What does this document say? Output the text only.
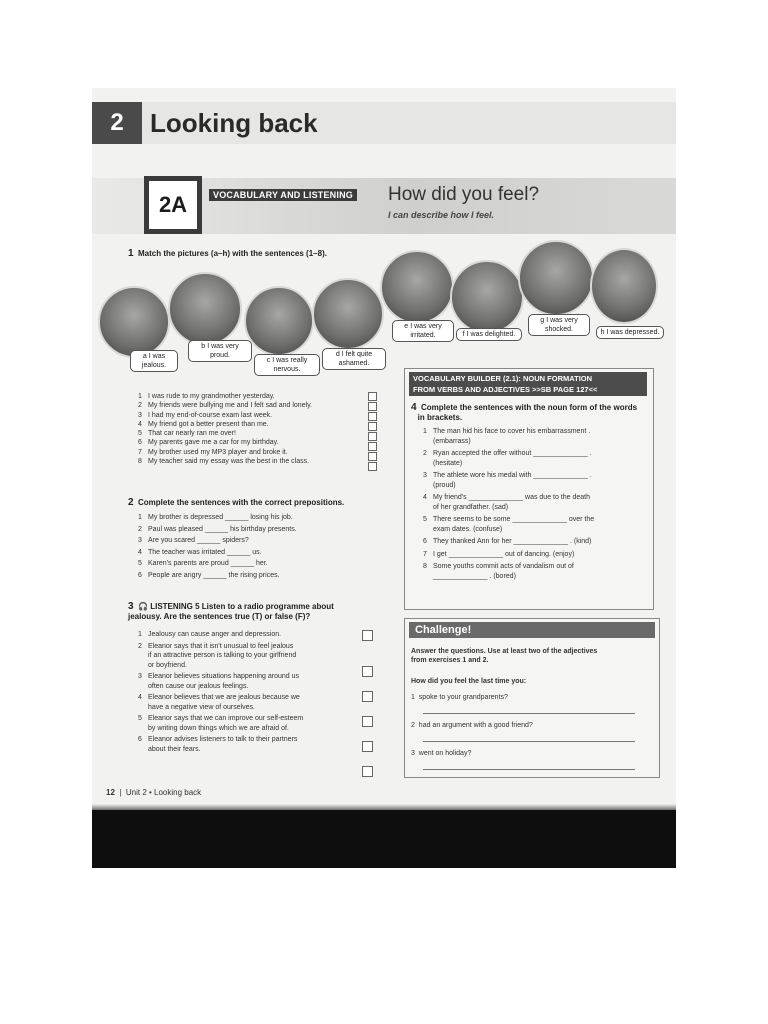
2	Looking back
2A	VOCABULARY AND LISTENING How did you feel?
I can describe how I feel.
1 Match the pictures (a–h) with the sentences (1–8).
a I was jealous.
b I was very proud.
c I was really nervous.
d I felt quite ashamed.
e I was very irritated.	f I was delighted.
g I was very shocked.	h I was depressed.
1 I was rude to my grandmother yesterday.
2 My friends were bullying me and I felt sad and lonely.
3 I had my end-of-course exam last week.
4 My friend got a better present than me.
5 That car nearly ran me over!
6 My parents gave me a car for my birthday.
7 My brother used my MP3 player and broke it.
8 My teacher said my essay was the best in the class.
2 Complete the sentences with the correct prepositions.
1 My brother is depressed ______ losing his job.
2 Paul was pleased ______ his birthday presents.
3 Are you scared ______ spiders?
4 The teacher was irritated ______ us.
5 Karen's parents are proud ______ her.
6 People are angry ______ the rising prices.
3 🎧 LISTENING 5 Listen to a radio programme about
jealousy. Are the sentences true (T) or false (F)?
1 Jealousy can cause anger and depression.
2 Eleanor says that it isn't unusual to feel jealous
if an attractive person is talking to your girlfriend
or boyfriend.
3 Eleanor believes situations happening around us
often cause our jealous feelings.
4 Eleanor believes that we are jealous because we
have a negative view of ourselves.
5 Eleanor says that we can improve our self-esteem
by writing down things which we are afraid of.
6 Eleanor advises listeners to talk to their partners
about their fears.
VOCABULARY BUILDER (2.1): NOUN FORMATION
FROM VERBS AND ADJECTIVES >>SB PAGE 127<<
4 Complete the sentences with the noun form of the words
in brackets.
1 The man hid his face to cover his embarrassment .
(embarrass)
2 Ryan accepted the offer without ______________ .
(hesitate)
3 The athlete wore his medal with ______________ .
(proud)
4 My friend's ______________ was due to the death
of her grandfather. (sad)
5 There seems to be some ______________ over the
exam dates. (confuse)
6 They thanked Ann for her ______________ . (kind)
7 I get ______________ out of dancing. (enjoy)
8 Some youths commit acts of vandalism out of
______________ . (bored)
Challenge!
Answer the questions. Use at least two of the adjectives
from exercises 1 and 2.
How did you feel the last time you:
1  spoke to your grandparents?
2  had an argument with a good friend?
3  went on holiday?
12  |  Unit 2 • Looking back
